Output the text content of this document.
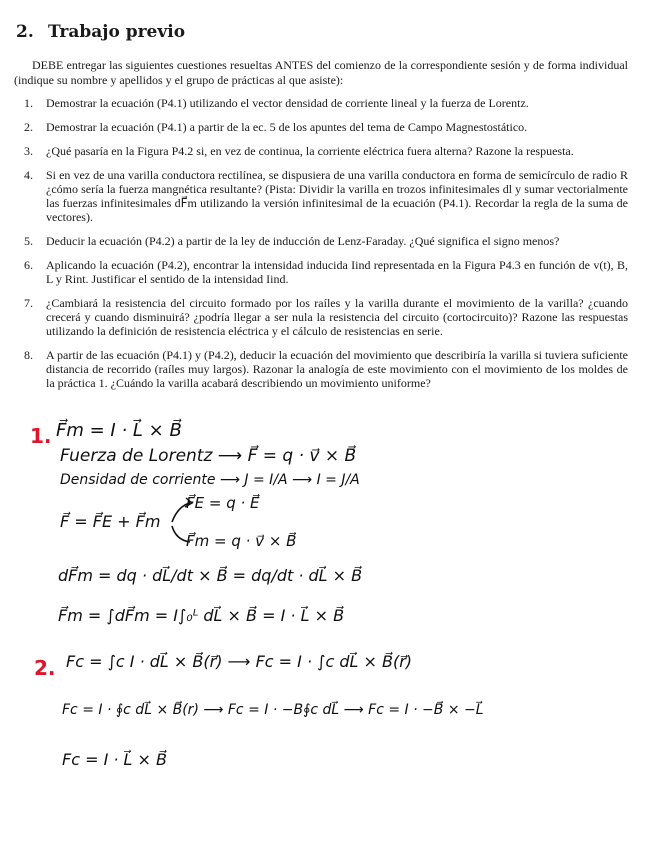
2. Trabajo previo

DEBE entregar las siguientes cuestiones resueltas ANTES del comienzo de la correspondiente sesión y de forma individual (indique su nombre y apellidos y el grupo de prácticas al que asiste):

1. Demostrar la ecuación (P4.1) utilizando el vector densidad de corriente lineal y la fuerza de Lorentz.
2. Demostrar la ecuación (P4.1) a partir de la ec. 5 de los apuntes del tema de Campo Magnestostático.
3. ¿Qué pasaría en la Figura P4.2 si, en vez de continua, la corriente eléctrica fuera alterna? Razone la respuesta.
4. Si en vez de una varilla conductora rectilínea, se dispusiera de una varilla conductora en forma de semicírculo de radio R ¿cómo sería la fuerza mangnética resultante? (Pista: Dividir la varilla en trozos infinitesimales dl y sumar vectorialmente las fuerzas infinitesimales dF⃗m utilizando la versión infinitesimal de la ecuación (P4.1). Recordar la regla de la suma de vectores).
5. Deducir la ecuación (P4.2) a partir de la ley de inducción de Lenz-Faraday. ¿Qué significa el signo menos?
6. Aplicando la ecuación (P4.2), encontrar la intensidad inducida Iind representada en la Figura P4.3 en función de v(t), B, L y Rint. Justificar el sentido de la intensidad Iind.
7. ¿Cambiará la resistencia del circuito formado por los raíles y la varilla durante el movimiento de la varilla? ¿cuando crecerá y cuando disminuirá? ¿podría llegar a ser nula la resistencia del circuito (cortocircuito)? Razone las respuestas utilizando la definición de resistencia eléctrica y el cálculo de resistencias en serie.
8. A partir de las ecuación (P4.1) y (P4.2), deducir la ecuación del movimiento que describiría la varilla si tuviera suficiente distancia de recorrido (raíles muy largos). Razonar la analogía de este movimiento con el movimiento de los moldes de la práctica 1. ¿Cuándo la varilla acabará describiendo un movimiento uniforme?
1. F⃗m = I · L⃗ × B⃗
Fuerza de Lorentz ⟶ F⃗ = q · v⃗ × B⃗
Densidad de corriente ⟶ J = I/A ⟶ I = J/A
F⃗ = F⃗E + F⃗m
F⃗E = q · E⃗
F⃗m = q · v⃗ × B⃗
dF⃗m = dq · dL⃗/dt × B⃗ = dq/dt · dL⃗ × B⃗
F⃗m = ∫dF⃗m = I∫₀ᴸ dL⃗ × B⃗ = I · L⃗ × B⃗
2. Fc = ∫c I · dL⃗ × B⃗(r⃗) ⟶ Fc = I · ∫c dL⃗ × B⃗(r⃗)
Fc = I · ∮c dL⃗ × B⃗(r) ⟶ Fc = I · −B∮c dL⃗ ⟶ Fc = I · −B⃗ × −L⃗
Fc = I · L⃗ × B⃗
